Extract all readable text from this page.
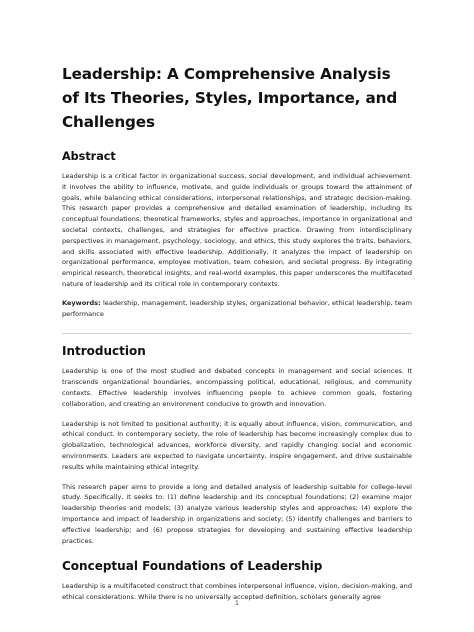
Leadership: A Comprehensive Analysis of Its Theories, Styles, Importance, and Challenges
Abstract

Leadership is a critical factor in organizational success, social development, and individual achievement. It involves the ability to influence, motivate, and guide individuals or groups toward the attainment of goals, while balancing ethical considerations, interpersonal relationships, and strategic decision-making. This research paper provides a comprehensive and detailed examination of leadership, including its conceptual foundations, theoretical frameworks, styles and approaches, importance in organizational and societal contexts, challenges, and strategies for effective practice. Drawing from interdisciplinary perspectives in management, psychology, sociology, and ethics, this study explores the traits, behaviors, and skills associated with effective leadership. Additionally, it analyzes the impact of leadership on organizational performance, employee motivation, team cohesion, and societal progress. By integrating empirical research, theoretical insights, and real-world examples, this paper underscores the multifaceted nature of leadership and its critical role in contemporary contexts.

Keywords: leadership, management, leadership styles, organizational behavior, ethical leadership, team performance

Introduction

Leadership is one of the most studied and debated concepts in management and social sciences. It transcends organizational boundaries, encompassing political, educational, religious, and community contexts. Effective leadership involves influencing people to achieve common goals, fostering collaboration, and creating an environment conducive to growth and innovation.

Leadership is not limited to positional authority; it is equally about influence, vision, communication, and ethical conduct. In contemporary society, the role of leadership has become increasingly complex due to globalization, technological advances, workforce diversity, and rapidly changing social and economic environments. Leaders are expected to navigate uncertainty, inspire engagement, and drive sustainable results while maintaining ethical integrity.

This research paper aims to provide a long and detailed analysis of leadership suitable for college-level study. Specifically, it seeks to: (1) define leadership and its conceptual foundations; (2) examine major leadership theories and models; (3) analyze various leadership styles and approaches; (4) explore the importance and impact of leadership in organizations and society; (5) identify challenges and barriers to effective leadership; and (6) propose strategies for developing and sustaining effective leadership practices.

Conceptual Foundations of Leadership

Leadership is a multifaceted construct that combines interpersonal influence, vision, decision-making, and ethical considerations. While there is no universally accepted definition, scholars generally agree

1
